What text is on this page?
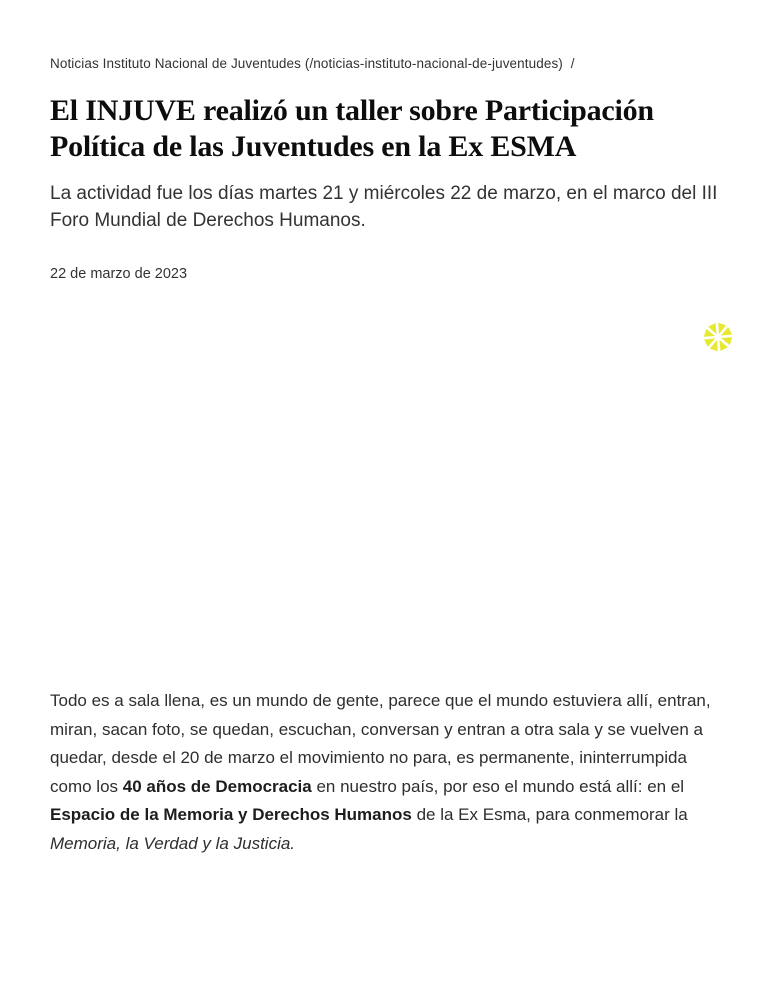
Noticias Instituto Nacional de Juventudes (/noticias-instituto-nacional-de-juventudes) /
El INJUVE realizó un taller sobre Participación Política de las Juventudes en la Ex ESMA

La actividad fue los días martes 21 y miércoles 22 de marzo, en el marco del III Foro Mundial de Derechos Humanos.

22 de marzo de 2023

Todo es a sala llena, es un mundo de gente, parece que el mundo estuviera allí, entran, miran, sacan foto, se quedan, escuchan, conversan y entran a otra sala y se vuelven a quedar, desde el 20 de marzo el movimiento no para, es permanente, ininterrumpida como los 40 años de Democracia en nuestro país, por eso el mundo está allí: en el Espacio de la Memoria y Derechos Humanos de la Ex Esma, para conmemorar la Memoria, la Verdad y la Justicia.
